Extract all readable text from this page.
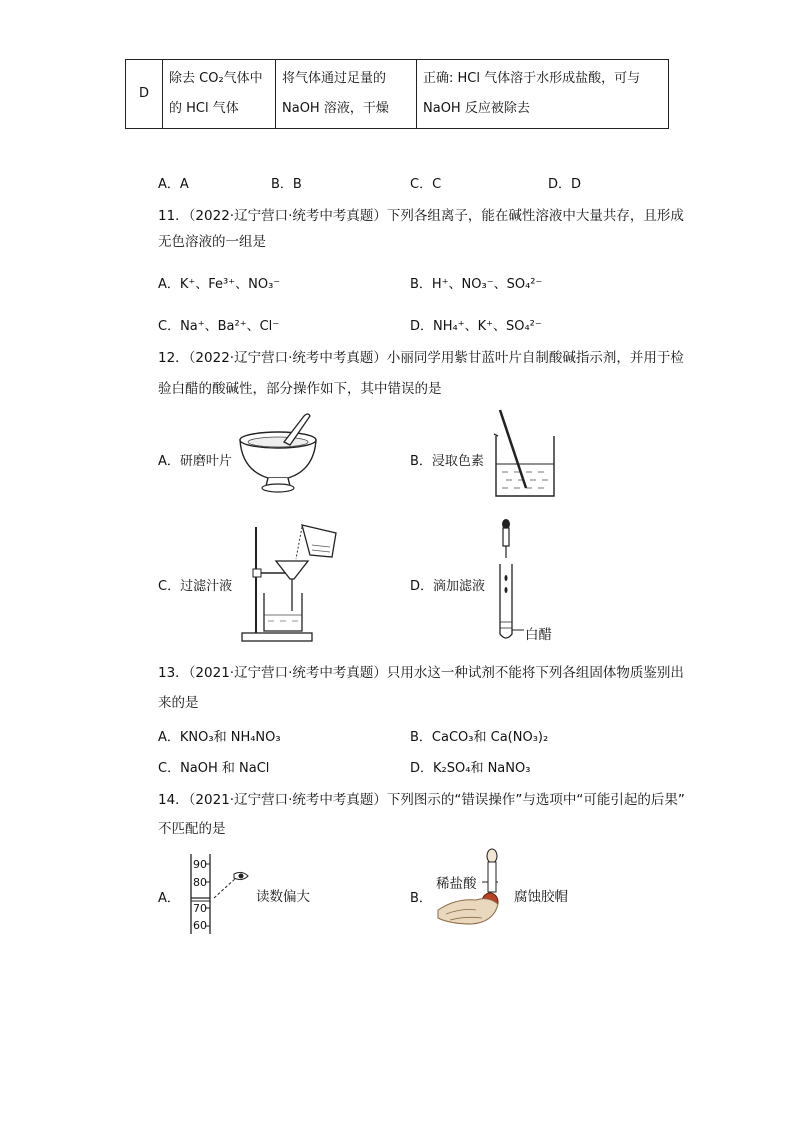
D	
除去 CO₂气体中
的 HCl 气体

将气体通过足量的
NaOH 溶液，干燥

正确: HCl 气体溶于水形成盐酸，可与
NaOH 反应被除去
A．A	B．B	C．C	D．D
11．（2022·辽宁营口·统考中考真题）下列各组离子，能在碱性溶液中大量共存，且形成
无色溶液的一组是
A．K⁺、Fe³⁺、NO₃⁻	B．H⁺、NO₃⁻、SO₄²⁻
C．Na⁺、Ba²⁺、Cl⁻	D．NH₄⁺、K⁺、SO₄²⁻
12．（2022·辽宁营口·统考中考真题）小丽同学用紫甘蓝叶片自制酸碱指示剂，并用于检
验白醋的酸碱性，部分操作如下，其中错误的是
A．研磨叶片	B．浸取色素
C．过滤汁液	D．滴加滤液
白醋
13．（2021·辽宁营口·统考中考真题）只用水这一种试剂不能将下列各组固体物质鉴别出
来的是
A．KNO₃和 NH₄NO₃	B．CaCO₃和 Ca(NO₃)₂
C．NaOH 和 NaCl	D．K₂SO₄和 NaNO₃
14．（2021·辽宁营口·统考中考真题）下列图示的“错误操作”与选项中“可能引起的后果”
不匹配的是
A．
90
80
70
60
读数偏大	B．
稀盐酸
腐蚀胶帽
